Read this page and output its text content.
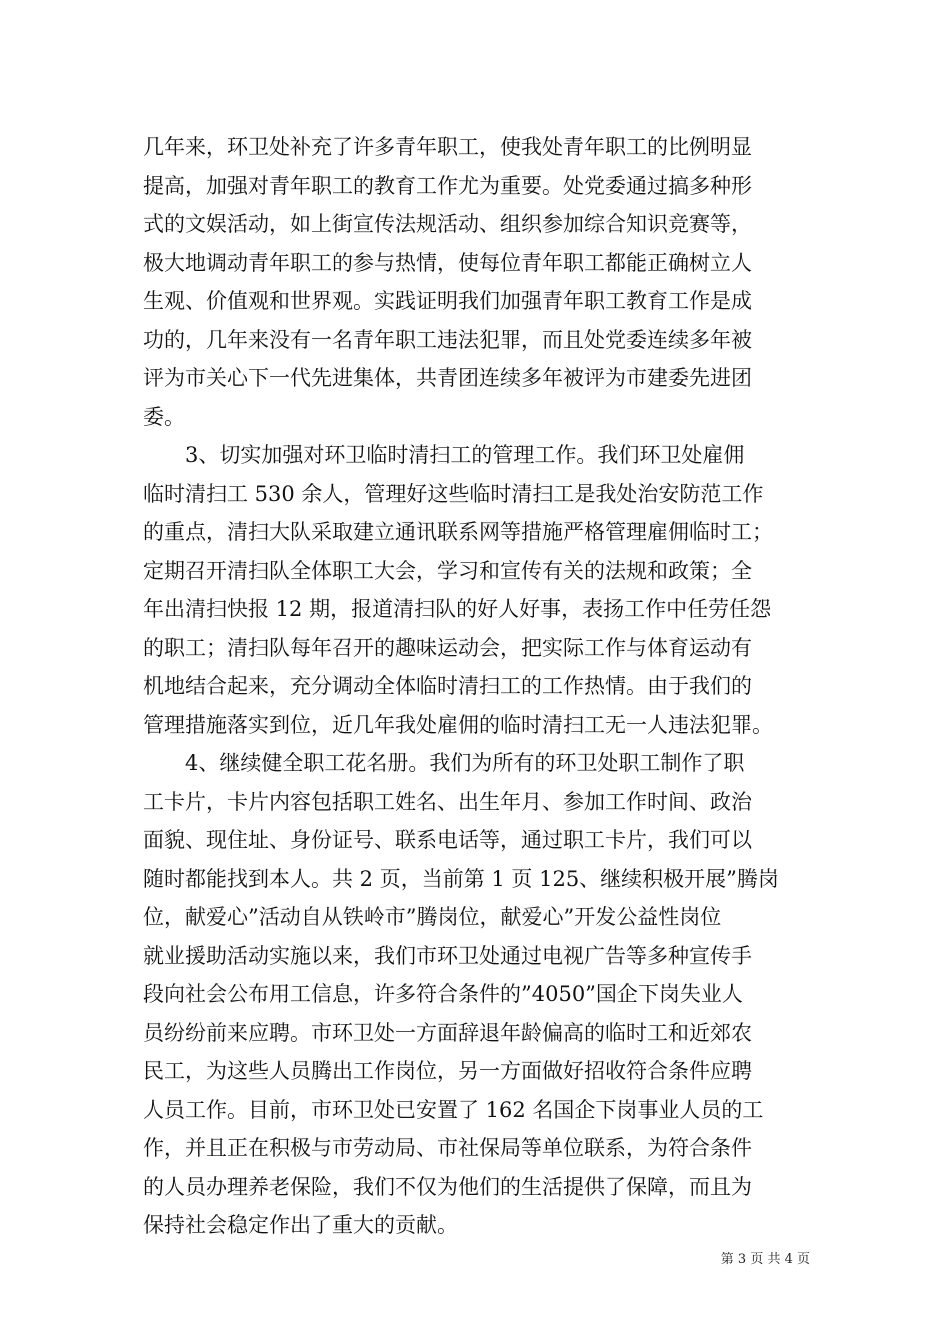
几年来，环卫处补充了许多青年职工，使我处青年职工的比例明显
提高，加强对青年职工的教育工作尤为重要。处党委通过搞多种形
式的文娱活动，如上街宣传法规活动、组织参加综合知识竞赛等，
极大地调动青年职工的参与热情，使每位青年职工都能正确树立人
生观、价值观和世界观。实践证明我们加强青年职工教育工作是成
功的，几年来没有一名青年职工违法犯罪，而且处党委连续多年被
评为市关心下一代先进集体，共青团连续多年被评为市建委先进团
委。
　　3、切实加强对环卫临时清扫工的管理工作。我们环卫处雇佣
临时清扫工 530 余人，管理好这些临时清扫工是我处治安防范工作
的重点，清扫大队采取建立通讯联系网等措施严格管理雇佣临时工；
定期召开清扫队全体职工大会，学习和宣传有关的法规和政策；全
年出清扫快报 12 期，报道清扫队的好人好事，表扬工作中任劳任怨
的职工；清扫队每年召开的趣味运动会，把实际工作与体育运动有
机地结合起来，充分调动全体临时清扫工的工作热情。由于我们的
管理措施落实到位，近几年我处雇佣的临时清扫工无一人违法犯罪。
　　4、继续健全职工花名册。我们为所有的环卫处职工制作了职
工卡片，卡片内容包括职工姓名、出生年月、参加工作时间、政治
面貌、现住址、身份证号、联系电话等，通过职工卡片，我们可以
随时都能找到本人。共 2 页，当前第 1 页 125、继续积极开展”腾岗
位，献爱心”活动自从铁岭市”腾岗位，献爱心”开发公益性岗位
就业援助活动实施以来，我们市环卫处通过电视广告等多种宣传手
段向社会公布用工信息，许多符合条件的”4050”国企下岗失业人
员纷纷前来应聘。市环卫处一方面辞退年龄偏高的临时工和近郊农
民工，为这些人员腾出工作岗位，另一方面做好招收符合条件应聘
人员工作。目前，市环卫处已安置了 162 名国企下岗事业人员的工
作，并且正在积极与市劳动局、市社保局等单位联系，为符合条件
的人员办理养老保险，我们不仅为他们的生活提供了保障，而且为
保持社会稳定作出了重大的贡献。
第 3 页 共 4 页
